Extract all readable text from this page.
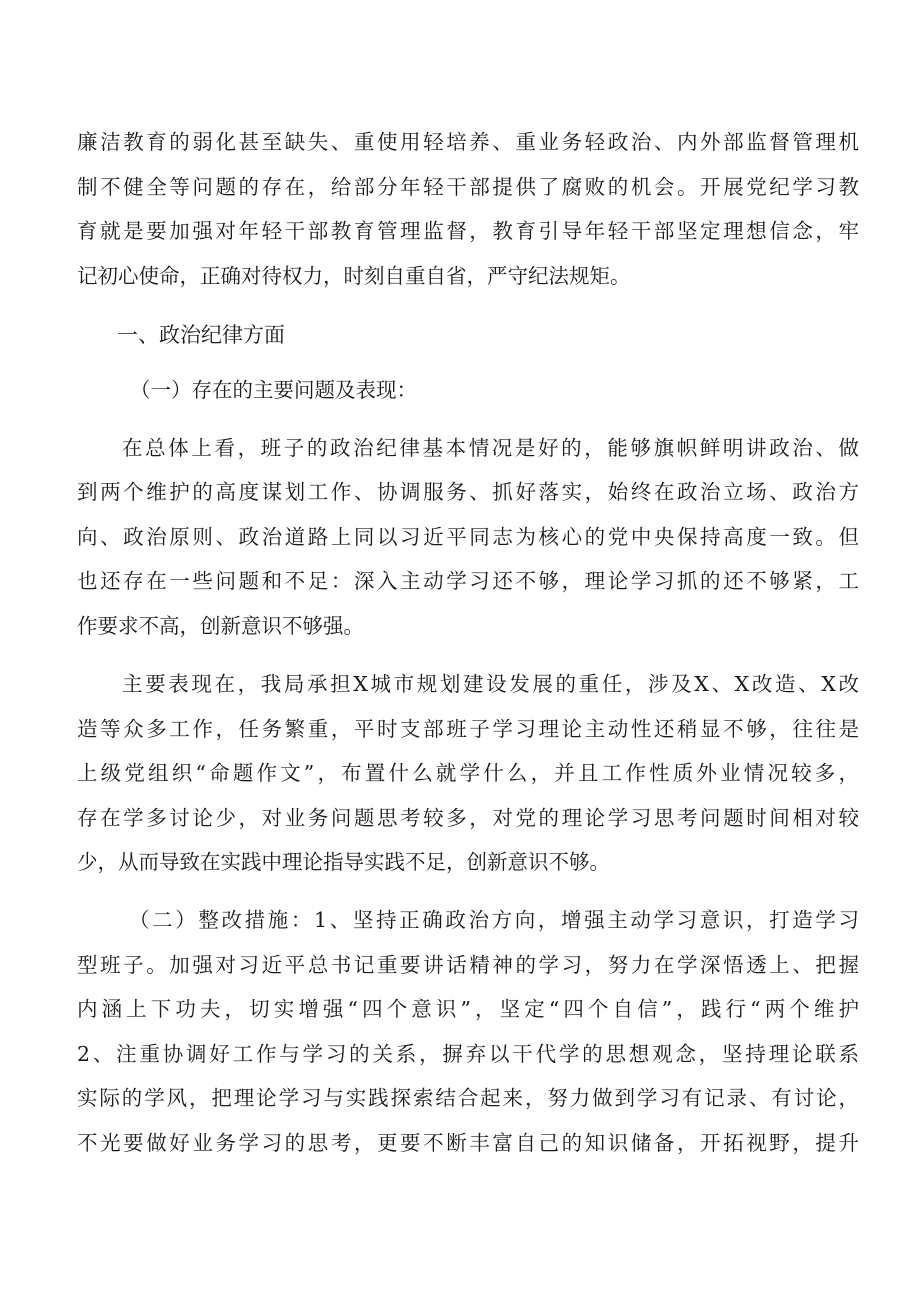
廉洁教育的弱化甚至缺失、重使用轻培养、重业务轻政治、内外部监督管理机
制不健全等问题的存在，给部分年轻干部提供了腐败的机会。开展党纪学习教
育就是要加强对年轻干部教育管理监督，教育引导年轻干部坚定理想信念，牢
记初心使命，正确对待权力，时刻自重自省，严守纪法规矩。
一、政治纪律方面
（一）存在的主要问题及表现：
在总体上看，班子的政治纪律基本情况是好的，能够旗帜鲜明讲政治、做
到两个维护的高度谋划工作、协调服务、抓好落实，始终在政治立场、政治方
向、政治原则、政治道路上同以习近平同志为核心的党中央保持高度一致。但
也还存在一些问题和不足：深入主动学习还不够，理论学习抓的还不够紧，工
作要求不高，创新意识不够强。
主要表现在，我局承担X城市规划建设发展的重任，涉及X、X改造、X改
造等众多工作，任务繁重，平时支部班子学习理论主动性还稍显不够，往往是
上级党组织“命题作文”，布置什么就学什么，并且工作性质外业情况较多，
存在学多讨论少，对业务问题思考较多，对党的理论学习思考问题时间相对较
少，从而导致在实践中理论指导实践不足，创新意识不够。
（二）整改措施：1、坚持正确政治方向，增强主动学习意识，打造学习
型班子。加强对习近平总书记重要讲话精神的学习，努力在学深悟透上、把握
内涵上下功夫，切实增强“四个意识”，坚定“四个自信”，践行“两个维护
2、注重协调好工作与学习的关系，摒弃以干代学的思想观念，坚持理论联系
实际的学风，把理论学习与实践探索结合起来，努力做到学习有记录、有讨论，
不光要做好业务学习的思考，更要不断丰富自己的知识储备，开拓视野，提升
